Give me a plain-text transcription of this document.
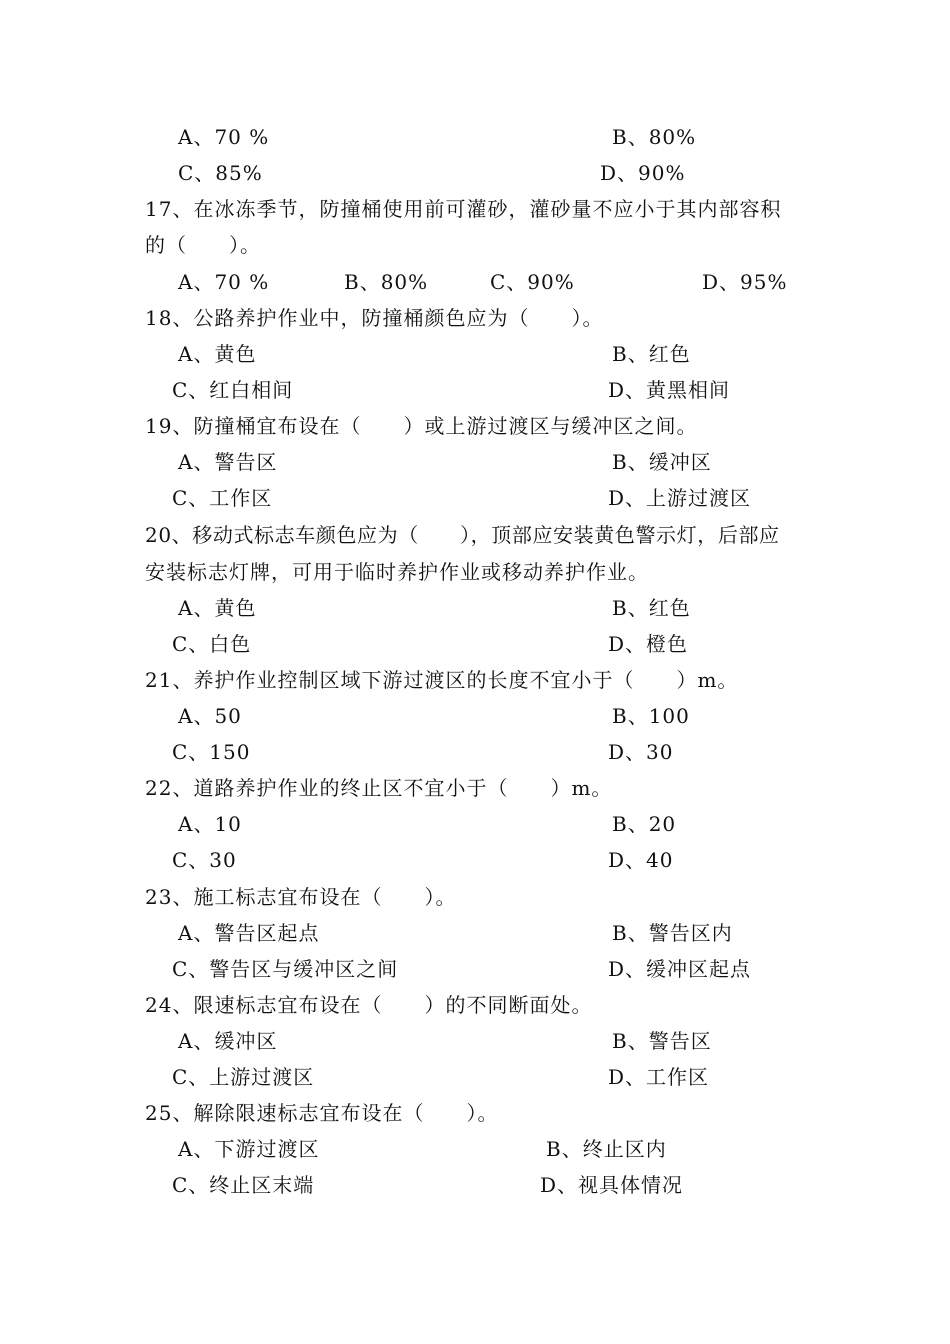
A、70 %	B、80%
C、85%	D、90%
17、在冰冻季节，防撞桶使用前可灌砂，灌砂量不应小于其内部容积
的（　　）。
A、70 %	B、80%	C、90%	D、95%
18、公路养护作业中，防撞桶颜色应为（　　）。
A、黄色	B、红色
C、红白相间	D、黄黑相间
19、防撞桶宜布设在（　　）或上游过渡区与缓冲区之间。
A、警告区	B、缓冲区
C、工作区	D、上游过渡区
20、移动式标志车颜色应为（　　），顶部应安装黄色警示灯，后部应
安装标志灯牌，可用于临时养护作业或移动养护作业。
A、黄色	B、红色
C、白色	D、橙色
21、养护作业控制区域下游过渡区的长度不宜小于（　　）m。
A、50	B、100
C、150	D、30
22、道路养护作业的终止区不宜小于（　　）m。
A、10	B、20
C、30	D、40
23、施工标志宜布设在（　　）。
A、警告区起点	B、警告区内
C、警告区与缓冲区之间	D、缓冲区起点
24、限速标志宜布设在（　　）的不同断面处。
A、缓冲区	B、警告区
C、上游过渡区	D、工作区
25、解除限速标志宜布设在（　　）。
A、下游过渡区	B、终止区内
C、终止区末端	D、视具体情况
